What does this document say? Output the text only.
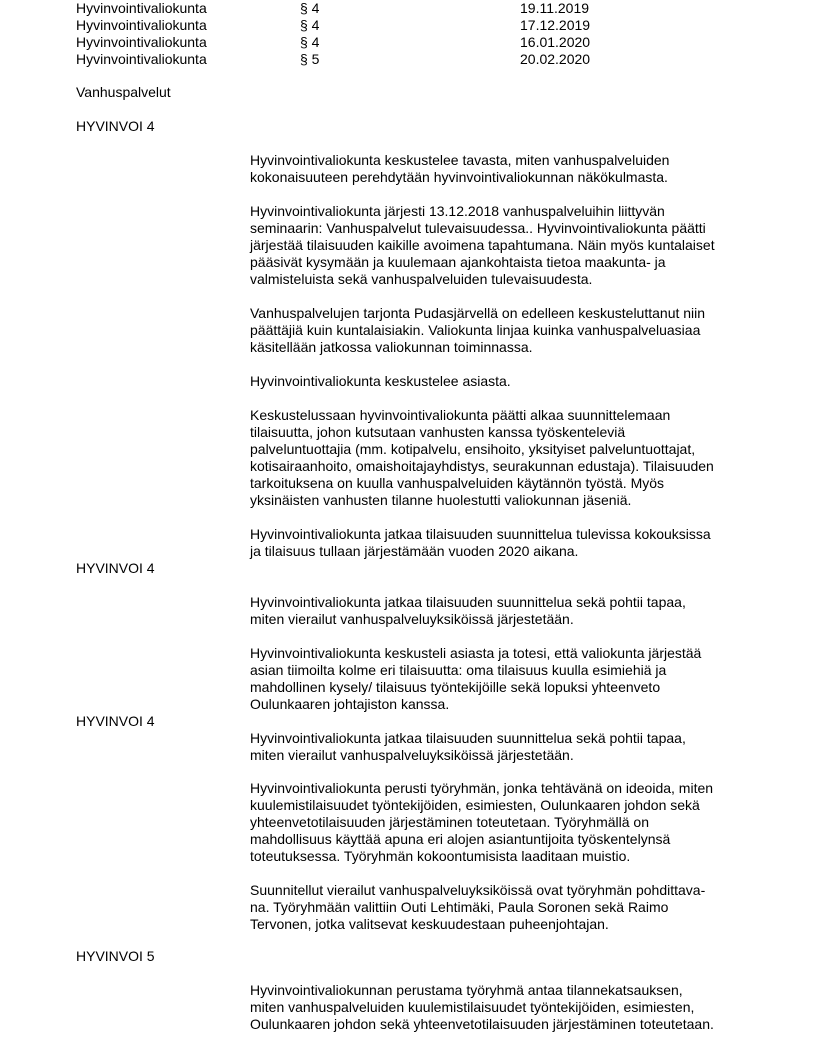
Hyvinvointivaliokunta	§ 4	19.11.2019
Hyvinvointivaliokunta	§ 4	17.12.2019
Hyvinvointivaliokunta	§ 4	16.01.2020
Hyvinvointivaliokunta	§ 5	20.02.2020
Vanhuspalvelut
HYVINVOI 4
Hyvinvointivaliokunta keskustelee tavasta, miten vanhuspalveluiden
kokonaisuuteen perehdytään hyvinvointivaliokunnan näkökulmasta.
Hyvinvointivaliokunta järjesti 13.12.2018 vanhuspalveluihin liittyvän
seminaarin: Vanhuspalvelut tulevaisuudessa.. Hyvinvointivaliokunta päätti
järjestää tilaisuuden kaikille avoimena tapahtumana. Näin myös kuntalaiset
pääsivät kysymään ja kuulemaan ajankohtaista tietoa maakunta- ja
valmisteluista sekä vanhuspalveluiden tulevaisuudesta.
Vanhuspalvelujen tarjonta Pudasjärvellä on edelleen keskusteluttanut niin
päättäjiä kuin kuntalaisiakin. Valiokunta linjaa kuinka vanhuspalveluasiaa
käsitellään jatkossa valiokunnan toiminnassa.
Hyvinvointivaliokunta keskustelee asiasta.
Keskustelussaan hyvinvointivaliokunta päätti alkaa suunnittelemaan
tilaisuutta, johon kutsutaan vanhusten kanssa työskenteleviä
palveluntuottajia (mm. kotipalvelu, ensihoito, yksityiset palveluntuottajat,
kotisairaanhoito, omaishoitajayhdistys, seurakunnan edustaja). Tilaisuuden
tarkoituksena on kuulla vanhuspalveluiden käytännön työstä. Myös
yksinäisten vanhusten tilanne huolestutti valiokunnan jäseniä.
Hyvinvointivaliokunta jatkaa tilaisuuden suunnittelua tulevissa kokouksissa
ja tilaisuus tullaan järjestämään vuoden 2020 aikana.
HYVINVOI 4
Hyvinvointivaliokunta jatkaa tilaisuuden suunnittelua sekä pohtii tapaa,
miten vierailut vanhuspalveluyksiköissä järjestetään.
Hyvinvointivaliokunta keskusteli asiasta ja totesi, että valiokunta järjestää
asian tiimoilta kolme eri tilaisuutta: oma tilaisuus kuulla esimiehiä ja
mahdollinen kysely/ tilaisuus työntekijöille sekä lopuksi yhteenveto
Oulunkaaren johtajiston kanssa.
HYVINVOI 4
Hyvinvointivaliokunta jatkaa tilaisuuden suunnittelua sekä pohtii tapaa,
miten vierailut vanhuspalveluyksiköissä järjestetään.
Hyvinvointivaliokunta perusti työryhmän, jonka tehtävänä on ideoida, miten
kuulemistilaisuudet työntekijöiden, esimiesten, Oulunkaaren johdon sekä
yhteenvetotilaisuuden järjestäminen toteutetaan. Työryhmällä on
mahdollisuus käyttää apuna eri alojen asiantuntijoita työskentelynsä
toteutuksessa. Työryhmän kokoontumisista laaditaan muistio.
Suunnitellut vierailut vanhuspalveluyksiköissä ovat työryhmän pohdittava-
na. Työryhmään valittiin Outi Lehtimäki, Paula Soronen sekä Raimo
Tervonen, jotka valitsevat keskuudestaan puheenjohtajan.
HYVINVOI 5
Hyvinvointivaliokunnan perustama työryhmä antaa tilannekatsauksen,
miten vanhuspalveluiden kuulemistilaisuudet työntekijöiden, esimiesten,
Oulunkaaren johdon sekä yhteenvetotilaisuuden järjestäminen toteutetaan.
